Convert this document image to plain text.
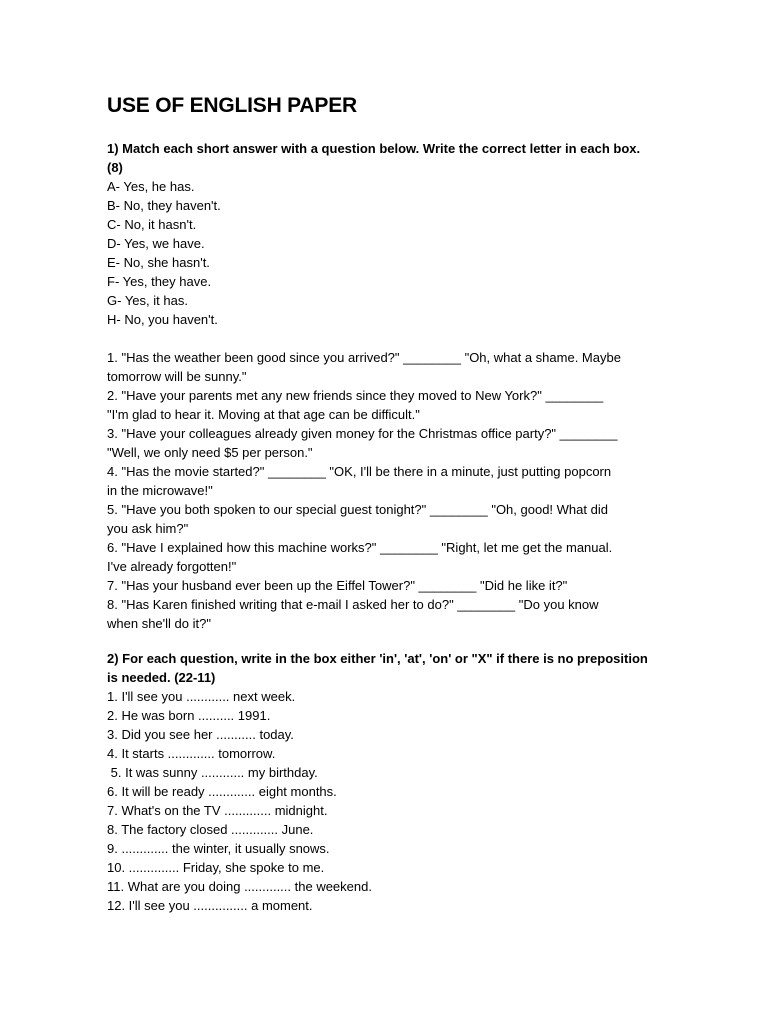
USE OF ENGLISH PAPER
1) Match each short answer with a question below. Write the correct letter in each box.
(8)
A- Yes, he has.
B- No, they haven't.
C- No, it hasn't.
D- Yes, we have.
E- No, she hasn't.
F- Yes, they have.
G- Yes, it has.
H- No, you haven't.
1. "Has the weather been good since you arrived?" ________ "Oh, what a shame. Maybe
tomorrow will be sunny."
2. "Have your parents met any new friends since they moved to New York?" ________
"I'm glad to hear it. Moving at that age can be difficult."
3. "Have your colleagues already given money for the Christmas office party?" ________
"Well, we only need $5 per person."
4. "Has the movie started?" ________ "OK, I'll be there in a minute, just putting popcorn
in the microwave!"
5. "Have you both spoken to our special guest tonight?" ________ "Oh, good! What did
you ask him?"
6. "Have I explained how this machine works?" ________ "Right, let me get the manual.
I've already forgotten!"
7. "Has your husband ever been up the Eiffel Tower?" ________ "Did he like it?"
8. "Has Karen finished writing that e-mail I asked her to do?" ________ "Do you know
when she'll do it?"
2) For each question, write in the box either 'in', 'at', 'on' or "X" if there is no preposition
is needed. (22-11)
1. I'll see you ............ next week.
2. He was born .......... 1991.
3. Did you see her ........... today.
4. It starts ............. tomorrow.
5. It was sunny ............ my birthday.
6. It will be ready ............. eight months.
7. What's on the TV ............. midnight.
8. The factory closed ............. June.
9. ............. the winter, it usually snows.
10. .............. Friday, she spoke to me.
11. What are you doing ............. the weekend.
12. I'll see you ............... a moment.
